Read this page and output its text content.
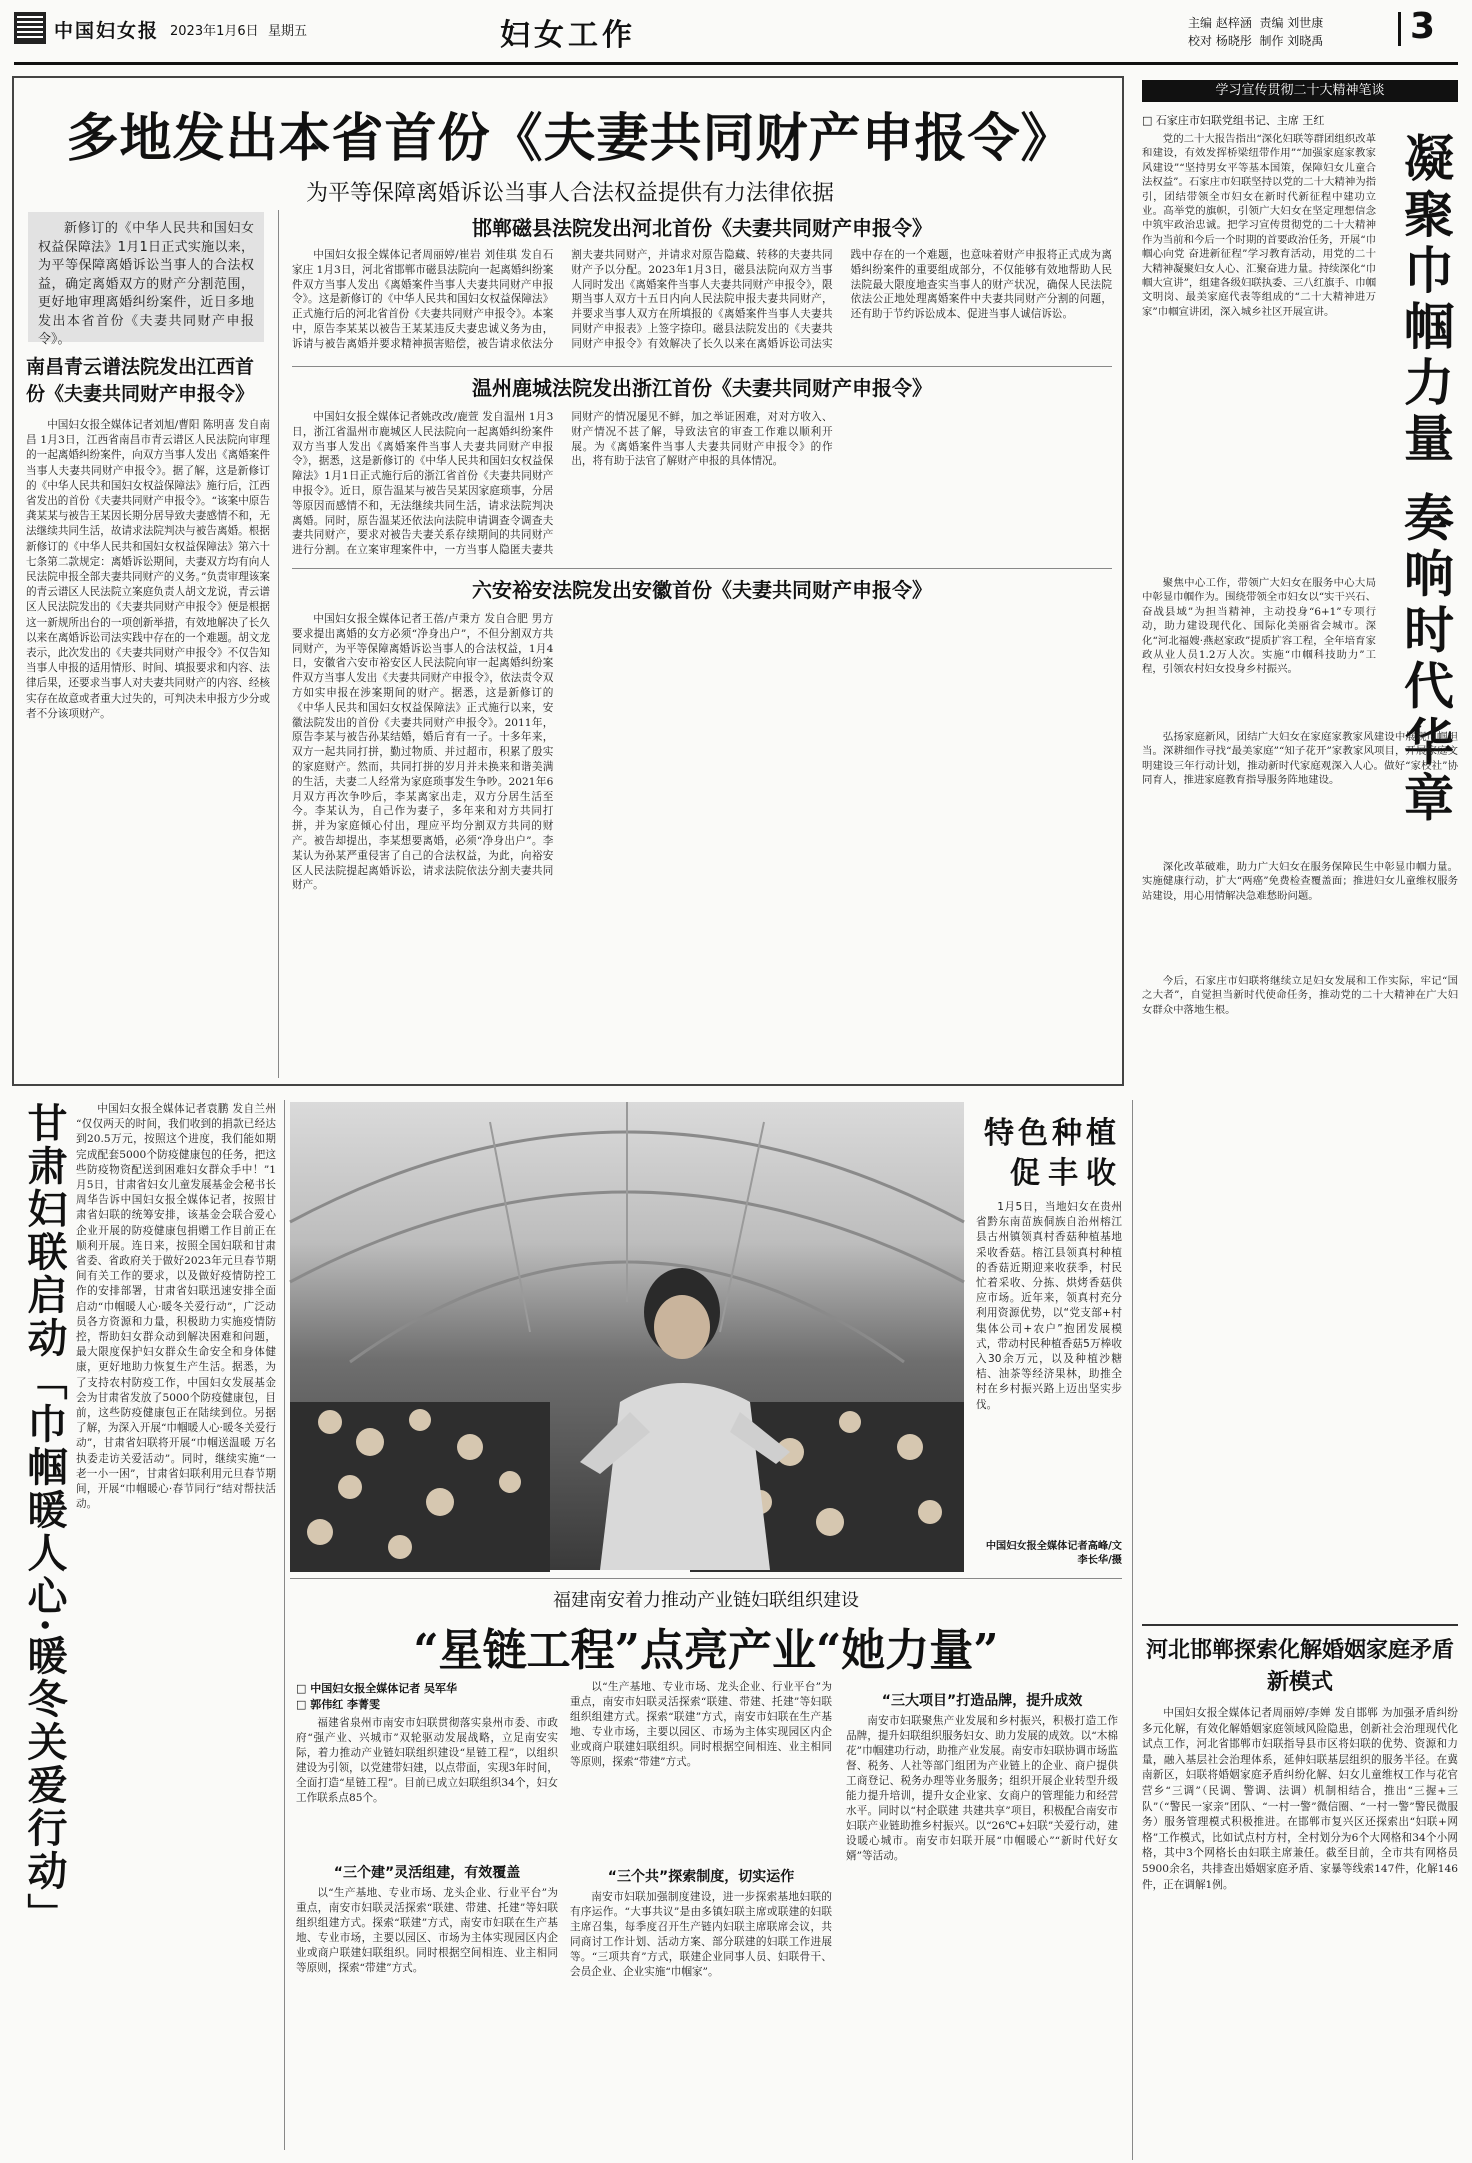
中国妇女报 2023年1月6日 星期五	妇女工作	主编 赵梓涵  责编 刘世康
校对 杨晓彤  制作 刘晓禹 3
多地发出本省首份《夫妻共同财产申报令》
为平等保障离婚诉讼当事人合法权益提供有力法律依据
新修订的《中华人民共和国妇女权益保障法》1月1日正式实施以来，为平等保障离婚诉讼当事人的合法权益，确定离婚双方的财产分割范围，更好地审理离婚纠纷案件，近日多地发出本省首份《夫妻共同财产申报令》。
南昌青云谱法院发出江西首份《夫妻共同财产申报令》
中国妇女报全媒体记者刘旭/曹阳 陈明喜 发自南昌 1月3日，江西省南昌市青云谱区人民法院向审理的一起离婚纠纷案件，向双方当事人发出《离婚案件当事人夫妻共同财产申报令》。据了解，这是新修订的《中华人民共和国妇女权益保障法》施行后，江西省发出的首份《夫妻共同财产申报令》。“该案中原告龚某某与被告王某因长期分居导致夫妻感情不和，无法继续共同生活，故请求法院判决与被告离婚。根据新修订的《中华人民共和国妇女权益保障法》第六十七条第二款规定：离婚诉讼期间，夫妻双方均有向人民法院申报全部夫妻共同财产的义务。”负责审理该案的青云谱区人民法院立案庭负责人胡文龙说，青云谱区人民法院发出的《夫妻共同财产申报令》便是根据这一新规所出台的一项创新举措，有效地解决了长久以来在离婚诉讼司法实践中存在的一个难题。胡文龙表示，此次发出的《夫妻共同财产申报令》不仅告知当事人申报的适用情形、时间、填报要求和内容、法律后果，还要求当事人对夫妻共同财产的内容、经核实存在故意或者重大过失的，可判决未申报方少分或者不分该项财产。
邯郸磁县法院发出河北首份《夫妻共同财产申报令》
中国妇女报全媒体记者周丽婷/崔岩 刘佳琪 发自石家庄 1月3日，河北省邯郸市磁县法院向一起离婚纠纷案件双方当事人发出《离婚案件当事人夫妻共同财产申报令》。这是新修订的《中华人民共和国妇女权益保障法》正式施行后的河北省首份《夫妻共同财产申报令》。本案中，原告李某某以被告王某某违反夫妻忠诚义务为由，诉请与被告离婚并要求精神损害赔偿，被告请求依法分割夫妻共同财产，并请求对原告隐藏、转移的夫妻共同财产予以分配。2023年1月3日，磁县法院向双方当事人同时发出《离婚案件当事人夫妻共同财产申报令》，限期当事人双方十五日内向人民法院申报夫妻共同财产，并要求当事人双方在所填报的《离婚案件当事人夫妻共同财产申报表》上签字捺印。磁县法院发出的《夫妻共同财产申报令》有效解决了长久以来在离婚诉讼司法实践中存在的一个难题，也意味着财产申报将正式成为离婚纠纷案件的重要组成部分，不仅能够有效地帮助人民法院最大限度地查实当事人的财产状况，确保人民法院依法公正地处理离婚案件中夫妻共同财产分割的问题，还有助于节约诉讼成本、促进当事人诚信诉讼。
温州鹿城法院发出浙江首份《夫妻共同财产申报令》
中国妇女报全媒体记者姚改改/鹿萱 发自温州 1月3日，浙江省温州市鹿城区人民法院向一起离婚纠纷案件双方当事人发出《离婚案件当事人夫妻共同财产申报令》，据悉，这是新修订的《中华人民共和国妇女权益保障法》1月1日正式施行后的浙江省首份《夫妻共同财产申报令》。近日，原告温某与被告吴某因家庭琐事，分居等原因而感情不和，无法继续共同生活，请求法院判决离婚。同时，原告温某还依法向法院申请调查令调查夫妻共同财产，要求对被告夫妻关系存续期间的共同财产进行分割。在立案审理案件中，一方当事人隐匿夫妻共同财产的情况屡见不鲜，加之举证困难，对对方收入、财产情况不甚了解，导致法官的审查工作难以顺利开展。为《离婚案件当事人夫妻共同财产申报令》的作出，将有助于法官了解财产申报的具体情况。
六安裕安法院发出安徽首份《夫妻共同财产申报令》
中国妇女报全媒体记者王蓓/卢秉方 发自合肥 男方要求提出离婚的女方必须“净身出户”，不但分割双方共同财产，为平等保障离婚诉讼当事人的合法权益，1月4日，安徽省六安市裕安区人民法院向审一起离婚纠纷案件双方当事人发出《夫妻共同财产申报令》，依法责令双方如实申报在涉案期间的财产。据悉，这是新修订的《中华人民共和国妇女权益保障法》正式施行以来，安徽法院发出的首份《夫妻共同财产申报令》。2011年，原告李某与被告孙某结婚，婚后育有一子。十多年来，双方一起共同打拼，勤过物质、并过超市，积累了殷实的家庭财产。然而，共同打拼的岁月并未换来和谐美满的生活，夫妻二人经常为家庭琐事发生争吵。2021年6月双方再次争吵后，李某离家出走，双方分居生活至今。李某认为，自己作为妻子，多年来和对方共同打拼，并为家庭倾心付出，理应平均分割双方共同的财产。被告却提出，李某想要离婚，必须“净身出户”。李某认为孙某严重侵害了自己的合法权益，为此，向裕安区人民法院提起离婚诉讼，请求法院依法分割夫妻共同财产。
学习宣传贯彻二十大精神笔谈
□ 石家庄市妇联党组书记、主席 王红
凝聚巾帼力量 奏响时代华章
党的二十大报告指出“深化妇联等群团组织改革和建设，有效发挥桥梁纽带作用”“加强家庭家教家风建设”“坚持男女平等基本国策，保障妇女儿童合法权益”。石家庄市妇联坚持以党的二十大精神为指引，团结带领全市妇女在新时代新征程中建功立业。高举党的旗帜，引领广大妇女在坚定理想信念中筑牢政治忠诚。把学习宣传贯彻党的二十大精神作为当前和今后一个时期的首要政治任务，开展“巾帼心向党 奋进新征程”学习教育活动，用党的二十大精神凝聚妇女人心、汇聚奋进力量。持续深化“巾帼大宣讲”，组建各级妇联执委、三八红旗手、巾帼文明岗、最美家庭代表等组成的“二十大精神进万家”巾帼宣讲团，深入城乡社区开展宣讲。
聚焦中心工作，带领广大妇女在服务中心大局中彰显巾帼作为。围绕带领全市妇女以“实干兴石、奋战县域”为担当精神，主动投身“6+1”专项行动，助力建设现代化、国际化美丽省会城市。深化“河北福嫂·燕赵家政”提质扩容工程，全年培育家政从业人员1.2万人次。实施“巾帼科技助力”工程，引领农村妇女投身乡村振兴。
弘扬家庭新风，团结广大妇女在家庭家教家风建设中展现巾帼担当。深耕细作寻找“最美家庭”“知子花开”家教家风项目，开展家庭文明建设三年行动计划，推动新时代家庭观深入人心。做好“家校社”协同育人，推进家庭教育指导服务阵地建设。
深化改革破难，助力广大妇女在服务保障民生中彰显巾帼力量。实施健康行动，扩大“两癌”免费检查覆盖面；推进妇女儿童维权服务站建设，用心用情解决急难愁盼问题。
今后，石家庄市妇联将继续立足妇女发展和工作实际，牢记“国之大者”，自觉担当新时代使命任务，推动党的二十大精神在广大妇女群众中落地生根。
甘肃妇联启动「巾帼暖人心·暖冬关爱行动」	中国妇女报全媒体记者袁鹏 发自兰州 “仅仅两天的时间，我们收到的捐款已经达到20.5万元，按照这个进度，我们能如期完成配套5000个防疫健康包的任务，把这些防疫物资配送到困难妇女群众手中！”1月5日，甘肃省妇女儿童发展基金会秘书长周华告诉中国妇女报全媒体记者，按照甘肃省妇联的统筹安排，该基金会联合爱心企业开展的防疫健康包捐赠工作目前正在顺利开展。连日来，按照全国妇联和甘肃省委、省政府关于做好2023年元旦春节期间有关工作的要求，以及做好疫情防控工作的安排部署，甘肃省妇联迅速安排全面启动“巾帼暖人心·暖冬关爱行动”，广泛动员各方资源和力量，积极助力实施疫情防控，帮助妇女群众动到解决困难和问题，最大限度保护妇女群众生命安全和身体健康，更好地助力恢复生产生活。据悉，为了支持农村防疫工作，中国妇女发展基金会为甘肃省发放了5000个防疫健康包，目前，这些防疫健康包正在陆续到位。另据了解，为深入开展“巾帼暖人心·暖冬关爱行动”，甘肃省妇联将开展“巾帼送温暖 万名执委走访关爱活动”。同时，继续实施“一老一小一困”，甘肃省妇联利用元旦春节期间，开展“巾帼暖心·春节同行”结对帮扶活动。
特色种植
促丰收
1月5日，当地妇女在贵州省黔东南苗族侗族自治州榕江县古州镇领真村香菇种植基地采收香菇。榕江县领真村种植的香菇近期迎来收获季，村民忙着采收、分拣、烘烤香菇供应市场。近年来，领真村充分利用资源优势，以“党支部+村集体公司+农户”抱团发展模式，带动村民种植香菇5万棒收入30余万元，以及种植沙糖桔、油茶等经济果林，助推全村在乡村振兴路上迈出坚实步伐。
中国妇女报全媒体记者高峰/文 李长华/摄
福建南安着力推动产业链妇联组织建设
“星链工程”点亮产业“她力量”
□ 中国妇女报全媒体记者 吴军华
□ 郭伟红 李菁雯
福建省泉州市南安市妇联贯彻落实泉州市委、市政府“强产业、兴城市”双轮驱动发展战略，立足南安实际，着力推动产业链妇联组织建设“星链工程”，以组织建设为引领，以党建带妇建，以点带面，实现3年时间，全面打造“星链工程”。目前已成立妇联组织34个，妇女工作联系点85个。
“三个建”灵活组建，有效覆盖
以“生产基地、专业市场、龙头企业、行业平台”为重点，南安市妇联灵活探索“联建、带建、托建”等妇联组织组建方式。探索“联建”方式，南安市妇联在生产基地、专业市场，主要以园区、市场为主体实现园区内企业或商户联建妇联组织。同时根据空间相连、业主相同等原则，探索“带建”方式。
以“生产基地、专业市场、龙头企业、行业平台”为重点，南安市妇联灵活探索“联建、带建、托建”等妇联组织组建方式。探索“联建”方式，南安市妇联在生产基地、专业市场，主要以园区、市场为主体实现园区内企业或商户联建妇联组织。同时根据空间相连、业主相同等原则，探索“带建”方式。
“三个共”探索制度，切实运作
南安市妇联加强制度建设，进一步探索基地妇联的有序运作。“大事共议”是由多镇妇联主席或联建的妇联主席召集，每季度召开生产链内妇联主席联席会议，共同商讨工作计划、活动方案、部分联建的妇联工作进展等。“三项共育”方式，联建企业同事人员、妇联骨干、会员企业、企业实施“巾帼家”。
“三大项目”打造品牌，提升成效
南安市妇联聚焦产业发展和乡村振兴，积极打造工作品牌，提升妇联组织服务妇女、助力发展的成效。以“木棉花”巾帼建功行动，助推产业发展。南安市妇联协调市场监督、税务、人社等部门组团为产业链上的企业、商户提供工商登记、税务办理等业务服务；组织开展企业转型升级能力提升培训，提升女企业家、女商户的管理能力和经营水平。同时以“村企联建 共建共享”项目，积极配合南安市妇联产业链助推乡村振兴。以“26℃+妇联”关爱行动，建设暖心城市。南安市妇联开展“巾帼暖心”“新时代好女婿”等活动。
河北邯郸探索化解婚姻家庭矛盾新模式
中国妇女报全媒体记者周丽婷/李婵 发自邯郸 为加强矛盾纠纷多元化解，有效化解婚姻家庭领域风险隐患，创新社会治理现代化试点工作，河北省邯郸市妇联指导县市区将妇联的优势、资源和力量，融入基层社会治理体系，延伸妇联基层组织的服务半径。在冀南新区，妇联将婚姻家庭矛盾纠纷化解、妇女儿童维权工作与花官营乡“三调”（民调、警调、法调）机制相结合，推出“三握+三队”（“警民一家亲”团队、“一村一警”微信圈、“一村一警”警民微服务）服务管理模式积极推进。在邯郸市复兴区还探索出“妇联+网格”工作模式，比如试点村方村，全村划分为6个大网格和34个小网格，其中3个网格长由妇联主席兼任。截至目前，全市共有网格员5900余名，共排查出婚姻家庭矛盾、家暴等线索147件，化解146件，正在调解1例。
